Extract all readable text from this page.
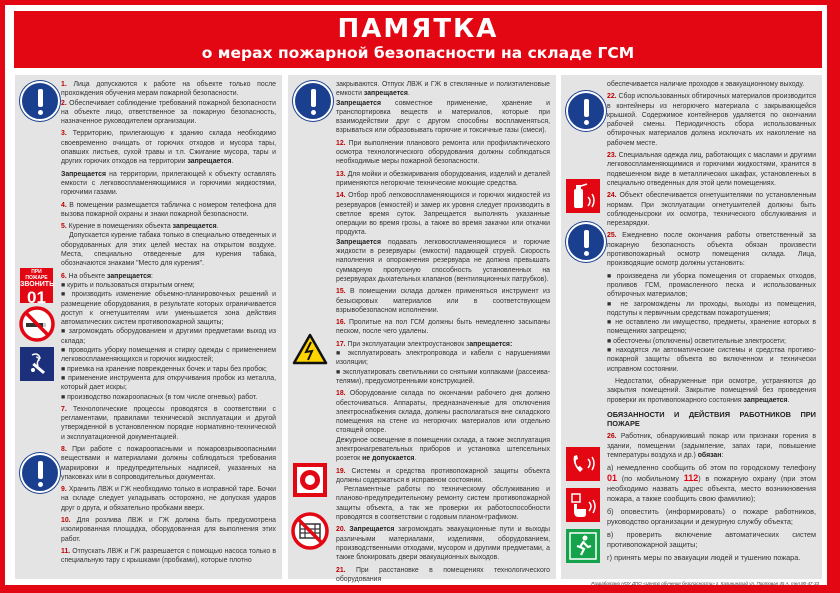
ПАМЯТКА
о мерах пожарной безопасности на складе ГСМ
ПРИ ПОЖАРЕ
ЗВОНИТЬ
01

1. Лица допускаются к работе на объекте только после прохождения обучения мерам пожарной безопасности.

2. Обеспечивает соблюдение требований пожарной безопасности на объекте лицо, ответственное за пожарную безопасность, назначенное руководителем организации.

3. Территорию, прилегающую к зданию склада необходимо своевременно очищать от горючих отходов и мусора тары, опавших листьев, сухой травы и т.п. Сжигание мусора, тары и других горючих отходов на территории запрещается.

Запрещается на территории, прилегающей к объекту оставлять емкости с легковоспламеняющимися и горючими жидкостями, горючими газами.

4. В помещении размещается табличка с номером телефона для вызова пожарной охраны и знаки пожарной безопасности.

5. Курение в помещениях объекта запрещается.

Допускается курение табака только в специально отведенных и оборудованных для этих целей местах на открытом воздухе. Места, специально отведенные для курения табака, обозначаются знаками "Место для курения".

6. На объекте запрещается:

■ курить и пользоваться открытым огнем;

■ производить изменение объемно-планировочных решений и размещение оборудования, в результате которых ограничивается доступ к огнетушителям или уменьшается зона действия автоматических систем противопожарной защиты;

■ загромождать оборудованием и другими предметами выход из склада;

■ проводить уборку помещения и стирку одежды с применением легковоспламеняющихся и горючих жидкостей;

■ приемка на хранение поврежденных бочек и тары без пробок;

■ применение инструмента для откручивания пробок из металла, который дает искры;

■ производство пожароопасных (в том числе огневых) работ.

7. Технологические процессы проводятся в соответствии с регламентами, правилами технической эксплуатации и другой утвержденной в установленном порядке нормативно-технической и эксплуатационной документацией.

8. При работе с пожароопасными и пожаровзрывоопасными веществами и материалами должны соблюдаться требования маркировки и предупредительных надписей, указанных на упаковках или в сопроводительных документах.

9. Хранить ЛВЖ и ГЖ необходимо только в исправной таре. Бочки на складе следует укладывать осторожно, не допуская ударов друг о друга, и обязательно пробками вверх.

10. Для розлива ЛВЖ и ГЖ должна быть предусмотрена изолированная площадка, оборудованная для выполнения этих работ.

11. Отпускать ЛВЖ и ГЖ разрешается с помощью насоса только в специальную тару с крышками (пробками), которые плотно

закрываются. Отпуск ЛВЖ и ГЖ в стеклянные и полиэтиленовые емкости запрещается.

Запрещается совместное применение, хранение и транспортировка веществ и материалов, которые при взаимодействии друг с другом способны воспламеняться, взрываться или образовывать горючие и токсичные газы (смеси).

12. При выполнении планового ремонта или профилактического осмотра технологического оборудования должны соблюдаться необходимые меры пожарной безопасности.

13. Для мойки и обезжиривания оборудования, изделий и деталей применяются негорючие технические моющие средства.

14. Отбор проб легковоспламеняющихся и горючих жидкостей из резервуаров (емкостей) и замер их уровня следует производить в светлое время суток. Запрещается выполнять указанные операции во время грозы, а также во время закачки или откачки продукта.

Запрещается подавать легковоспламеняющиеся и горючие жидкости в резервуары (емкости) падающей струей. Скорость наполнения и опорожнения резервуара не должна превышать суммарную пропускную способность установленных на резервуарах дыхательных клапанов (вентиляционных патрубков).

15. В помещении склада должен применяться инструмент из безыскровых материалов или в соответствующем взрывобезопасном исполнении.

16. Пролитые на пол ГСМ должны быть немедленно засыпаны песком, после чего удалены.

17. При эксплуатации электроустановок запрещается:

■ эксплуатировать электропровода и кабели с нарушениями изоляции;

■ эксплуатировать светильники со снятыми колпаками (рассеива-телями), предусмотренными конструкцией.

18. Оборудование склада по окончании рабочего дня должно обесточиваться. Аппараты, предназначенные для отключения электроснабжения склада, должны располагаться вне складского помещения на стене из негорючих материалов или отдельно стоящей опоре.

Дежурное освещение в помещении склада, а также эксплуатация электронагревательных приборов и установка штепсельных розеток не допускается.

19. Системы и средства противопожарной защиты объекта должны содержаться в исправном состоянии.

Регламентные работы по техническому обслуживанию и планово-предупредительному ремонту систем противопожарной защиты объекта, а так же проверки их работоспособности проводятся в соответствии с годовым планом-графиком.

20. Запрещается загромождать эвакуационные пути и выходы различными материалами, изделиями, оборудованием, производственными отходами, мусором и другими предметами, а также блокировать двери эвакуационных выходов.

21. При расстановке в помещениях технологического оборудования

обеспечивается наличие проходов к эвакуационному выходу.

22. Сбор использованных обтирочных материалов производится в контейнеры из негорючего материала с закрывающейся крышкой. Содержимое контейнеров удаляется по окончании рабочей смены. Периодичность сбора использованных обтирочных материалов должна исключать их накопление на рабочем месте.

23. Специальная одежда лиц, работающих с маслами и другими легковоспламеняющимися и горючими жидкостями, хранится в подвешенном виде в металлических шкафах, установленных в специально отведенных для этой цели помещениях.

24. Объект обеспечивается огнетушителями по установленным нормам. При эксплуатации огнетушителей должны быть соблюденысроки их осмотра, технического обслуживания и перезарядки.

25. Ежедневно после окончания работы ответственный за пожарную безопасность объекта обязан произвести противопожарный осмотр помещения склада. Лица, производящие осмотр должны установить:

■ произведена ли уборка помещения от сгораемых отходов, проливов ГСМ, промасленного песка и использованных обтирочных материалов;

■ не загромождены ли проходы, выходы из помещения, подступы к первичным средствам пожаротушения;

■ не оставлено ли имущество, предметы, хранение которых в помещениях запрещено;

■ обесточены (отключены) осветительные электросети;

■ находятся ли автоматические системы и средства противо-пожарной защиты объекта во включенном и технически исправном состоянии.

Недостатки, обнаруженные при осмотре, устраняются до закрытия помещений. Закрытие помещений без проведения проверки их противопожарного состояния запрещается.

ОБЯЗАННОСТИ И ДЕЙСТВИЯ РАБОТНИКОВ ПРИ ПОЖАРЕ

26. Работник, обнаруживший пожар или признаки горения в здании, помещении (задымление, запах гари, повышение температуры воздуха и др.) обязан:

а) немедленно сообщить об этом по городскому телефону 01 (по мобильному 112) в пожарную охрану (при этом необходимо назвать адрес объекта, место возникновения пожара, а также сообщить свою фамилию);

б) оповестить (информировать) о пожаре работников, руководство организации и дежурную службу объекта;

в) проверить включение автоматических систем противопожарной защиты;

г) принять меры по эвакуации людей и тушению пожара.

Разработано НОУ ДПО «Центр обучения безопасности» г. Калининград ул. Портовая 45 А, тел.90-47-33
